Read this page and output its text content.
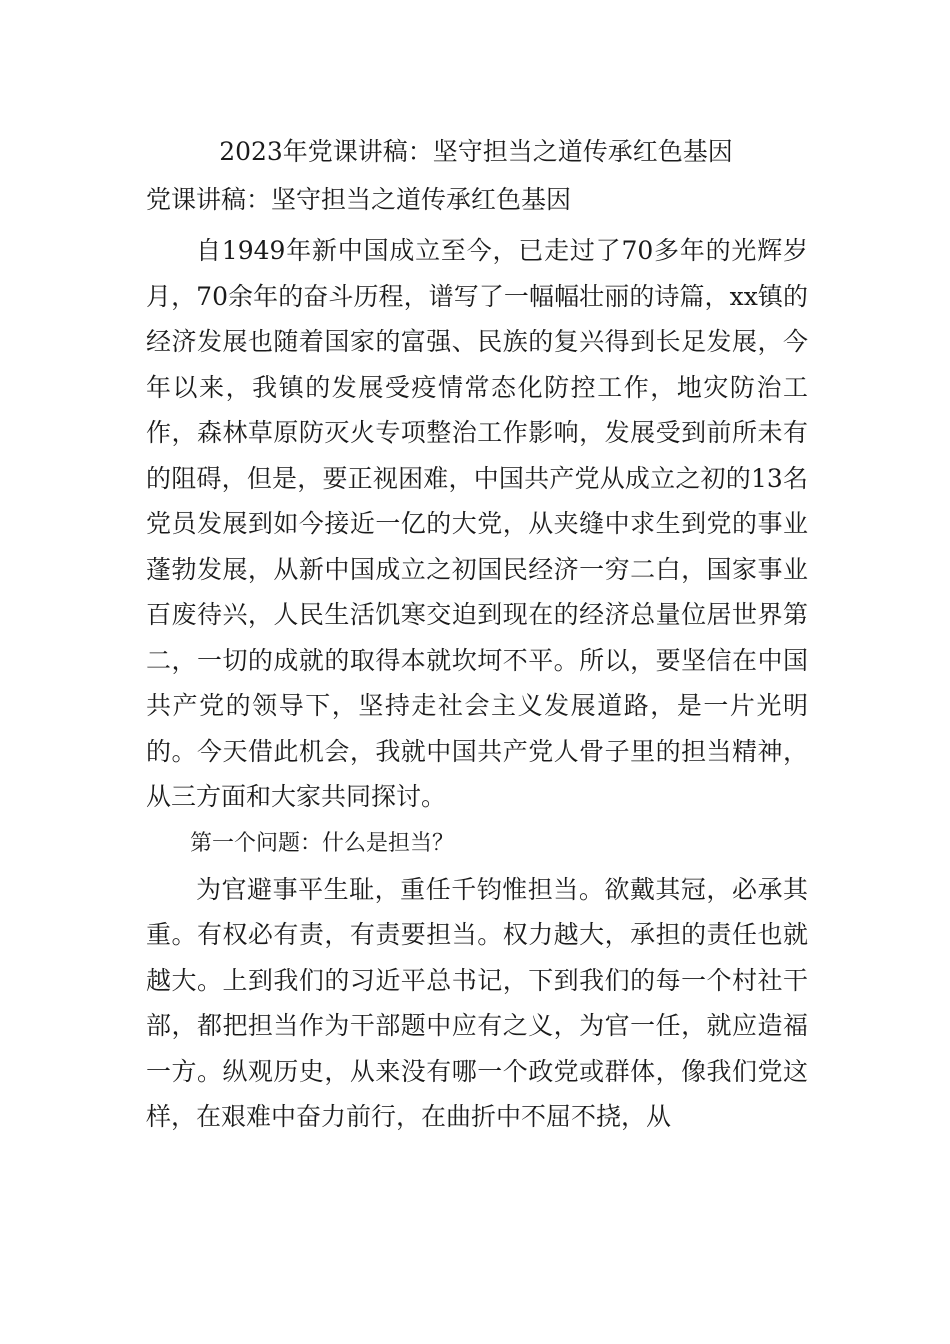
2023年党课讲稿：坚守担当之道传承红色基因
党课讲稿：坚守担当之道传承红色基因

自1949年新中国成立至今，已走过了70多年的光辉岁月，70余年的奋斗历程，谱写了一幅幅壮丽的诗篇，xx镇的经济发展也随着国家的富强、民族的复兴得到长足发展，今年以来，我镇的发展受疫情常态化防控工作，地灾防治工作，森林草原防灭火专项整治工作影响，发展受到前所未有的阻碍，但是，要正视困难，中国共产党从成立之初的13名党员发展到如今接近一亿的大党，从夹缝中求生到党的事业蓬勃发展，从新中国成立之初国民经济一穷二白，国家事业百废待兴，人民生活饥寒交迫到现在的经济总量位居世界第二，一切的成就的取得本就坎坷不平。所以，要坚信在中国共产党的领导下，坚持走社会主义发展道路，是一片光明的。今天借此机会，我就中国共产党人骨子里的担当精神，从三方面和大家共同探讨。

第一个问题：什么是担当？

为官避事平生耻，重任千钧惟担当。欲戴其冠，必承其重。有权必有责，有责要担当。权力越大，承担的责任也就越大。上到我们的习近平总书记，下到我们的每一个村社干部，都把担当作为干部题中应有之义，为官一任，就应造福一方。纵观历史，从来没有哪一个政党或群体，像我们党这样，在艰难中奋力前行，在曲折中不屈不挠，从
